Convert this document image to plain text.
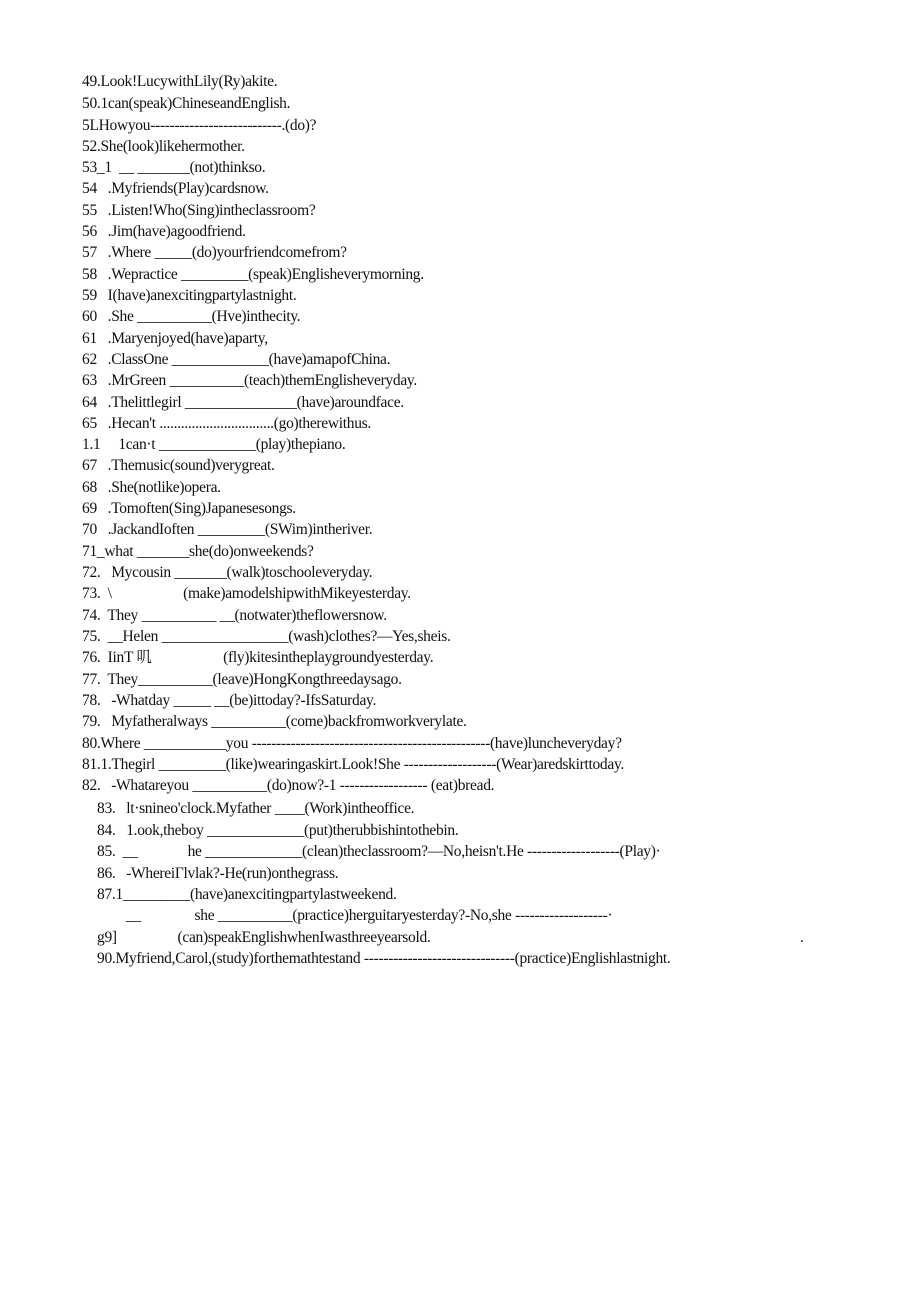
49.Look!LucywithLily(Ry)akite.
50.1can(speak)ChineseandEnglish.
5LHowyou---------------------------.(do)?
52.She(look)likehermother.
53_1  __ _______(not)thinkso.
54   .Myfriends(Play)cardsnow.
55   .Listen!Who(Sing)intheclassroom?
56   .Jim(have)agoodfriend.
57   .Where _____(do)yourfriendcomefrom?
58   .Wepractice _________(speak)Englisheverymorning.
59   I(have)anexcitingpartylastnight.
60   .She __________(Hve)inthecity.
61   .Maryenjoyed(have)aparty,
62   .ClassOne _____________(have)amapofChina.
63   .MrGreen __________(teach)themEnglisheveryday.
64   .Thelittlegirl _______________(have)aroundface.
65   .Hecan't ................................(go)therewithus.
1.1     1can·t _____________(play)thepiano.
67   .Themusic(sound)verygreat.
68   .She(notlike)opera.
69   .Tomoften(Sing)Japanesesongs.
70   .JackandIoften _________(SWim)intheriver.
71_what _______she(do)onweekends?
72.   Mycousin _______(walk)toschooleveryday.
73.  \                    (make)amodelshipwithMikeyesterday.
74.  They __________ __(notwater)theflowersnow.
75.  __Helen _________________(wash)clothes?—Yes,sheis.
76.  IinT 叽                    (fly)kitesintheplaygroundyesterday.
77.  They__________(leave)HongKongthreedaysago.
78.   -Whatday _____ __(be)ittoday?-IfsSaturday.
79.   Myfatheralways __________(come)backfromworkverylate.
80.Where ___________you -------------------------------------------------(have)luncheveryday?
81.1.Thegirl _________(like)wearingaskirt.Look!She -------------------(Wear)aredskirttoday.
82.   -Whatareyou __________(do)now?-1 ------------------ (eat)bread.
83.   lt·snineo'clock.Myfather ____(Work)intheoffice.
84.   1.ook,theboy _____________(put)therubbishintothebin.
85.  __              he _____________(clean)theclassroom?—No,heisn't.He -------------------(Play)·
86.   -WhereiΓlvlak?-He(run)onthegrass.
87.1_________(have)anexcitingpartylastweekend.
__               she __________(practice)herguitaryesterday?-No,she -------------------·
g9]                 (can)speakEnglishwhenIwasthreeyearsold.	.
90.Myfriend,Carol,(study)forthemathtestand -------------------------------(practice)Englishlastnight.
